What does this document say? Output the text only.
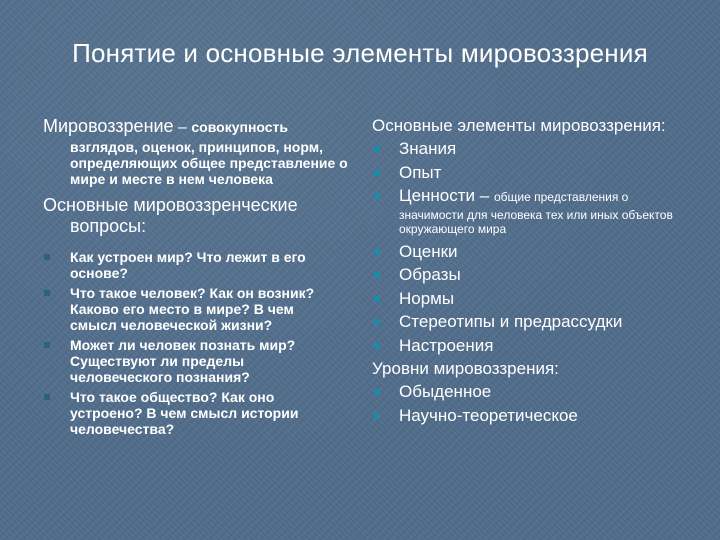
Понятие и основные элементы мировоззрения
Мировоззрение – совокупность
взглядов, оценок, принципов, норм, определяющих общее представление о мире и месте в нем человека
Основные мировоззренческие
вопросы:
Как устроен мир? Что лежит в его основе?
Что такое человек? Как он возник? Каково его место в мире? В чем смысл человеческой жизни?
Может ли человек познать мир? Существуют ли пределы человеческого познания?
Что такое общество? Как оно устроено? В чем смысл истории человечества?
Основные элементы мировоззрения:
Знания
Опыт
Ценности – общие представления о
значимости для человека тех или иных объектов окружающего мира
Оценки
Образы
Нормы
Стереотипы и предрассудки
Настроения
Уровни мировоззрения:
Обыденное
Научно-теоретическое
